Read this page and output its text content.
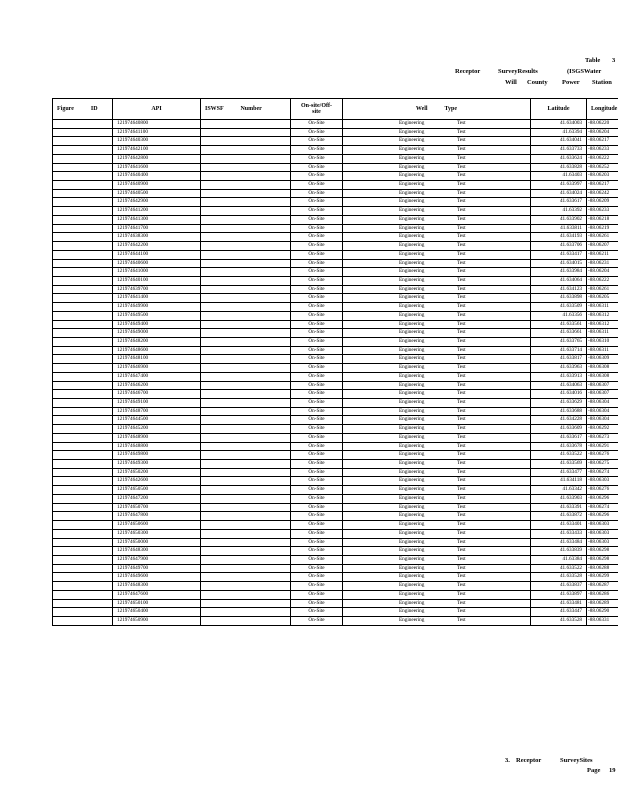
Table 3
Receptor	SurveyResults	(ISGSWater
Will County Power Station
Figure ID	API	ISWSF Number	On-site/Off-
site	Well Type	Latitude	Longitude
	121974640800		On-Site	Engineering Test	41.634003	-88.06220
	121974641100		On-Site	Engineering Test	41.63394	-88.06204
	121974640300		On-Site	Engineering Test	41.634041	-88.06217
	121974642100		On-Site	Engineering Test	41.633733	-88.06233
	121974642800		On-Site	Engineering Test	41.633624	-88.06222
	121974641600		On-Site	Engineering Test	41.633828	-88.06252
	121974640400		On-Site	Engineering Test	41.63403	-88.06203
	121974640900		On-Site	Engineering Test	41.633997	-88.06217
	121974640500		On-Site	Engineering Test	41.634024	-88.06242
	121974642900		On-Site	Engineering Test	41.633617	-88.06209
	121974641200		On-Site	Engineering Test	41.63392	-88.06233
	121974641300		On-Site	Engineering Test	41.633902	-88.06218
	121974641700		On-Site	Engineering Test	41.633811	-88.06219
	121974638300		On-Site	Engineering Test	41.634193	-88.06261
	121974642200		On-Site	Engineering Test	41.633706	-88.06207
	121974644100		On-Site	Engineering Test	41.633417	-88.06211
	121974640600		On-Site	Engineering Test	41.634015	-88.06231
	121974641000		On-Site	Engineering Test	41.633984	-88.06204
	121974640100		On-Site	Engineering Test	41.634064	-88.06222
	121974639700		On-Site	Engineering Test	41.634123	-88.06261
	121974641400		On-Site	Engineering Test	41.633898	-88.06205
	121974649900		On-Site	Engineering Test	41.633509	-88.06311
	121974649500		On-Site	Engineering Test	41.63356	-88.06312
	121974649400		On-Site	Engineering Test	41.633561	-88.06312
	121974649000		On-Site	Engineering Test	41.633661	-88.06311
	121974648200		On-Site	Engineering Test	41.633765	-88.06310
	121974648600		On-Site	Engineering Test	41.633714	-88.06311
	121974648100		On-Site	Engineering Test	41.633817	-88.06309
	121974646900		On-Site	Engineering Test	41.633963	-88.06308
	121974647400		On-Site	Engineering Test	41.633913	-88.06308
	121974646200		On-Site	Engineering Test	41.634063	-88.06307
	121974646700		On-Site	Engineering Test	41.634016	-88.06307
	121974649100		On-Site	Engineering Test	41.633629	-88.06304
	121974648700		On-Site	Engineering Test	41.633688	-88.06304
	121974644500		On-Site	Engineering Test	41.634228	-88.06304
	121974645200		On-Site	Engineering Test	41.633609	-88.06292
	121974648900		On-Site	Engineering Test	41.633617	-88.06273
	121974648800		On-Site	Engineering Test	41.633678	-88.06291
	121974649800		On-Site	Engineering Test	41.633522	-88.06276
	121974649300		On-Site	Engineering Test	41.633569	-88.06275
	121974650200		On-Site	Engineering Test	41.633477	-88.06274
	121974642600		On-Site	Engineering Test	41.634118	-88.06303
	121974650500		On-Site	Engineering Test	41.63342	-88.06276
	121974647200		On-Site	Engineering Test	41.633903	-88.06296
	121974650700		On-Site	Engineering Test	41.633391	-88.06274
	121974647800		On-Site	Engineering Test	41.633872	-88.06296
	121974650600		On-Site	Engineering Test	41.633401	-88.06303
	121974650300		On-Site	Engineering Test	41.633433	-88.06303
	121974650000		On-Site	Engineering Test	41.633484	-88.06303
	121974648300		On-Site	Engineering Test	41.633839	-88.06298
	121974647900		On-Site	Engineering Test	41.63384	-88.06298
	121974649700		On-Site	Engineering Test	41.633522	-88.06288
	121974649600		On-Site	Engineering Test	41.633528	-88.06299
	121974648300		On-Site	Engineering Test	41.633837	-88.06287
	121974647600		On-Site	Engineering Test	41.633897	-88.06286
	121974650100		On-Site	Engineering Test	41.633481	-88.06289
	121974650400		On-Site	Engineering Test	41.633447	-88.06290
	121974650900		On-Site	Engineering Test	41.633528	-88.06331
3. Receptor	SurveySites
Page 19
